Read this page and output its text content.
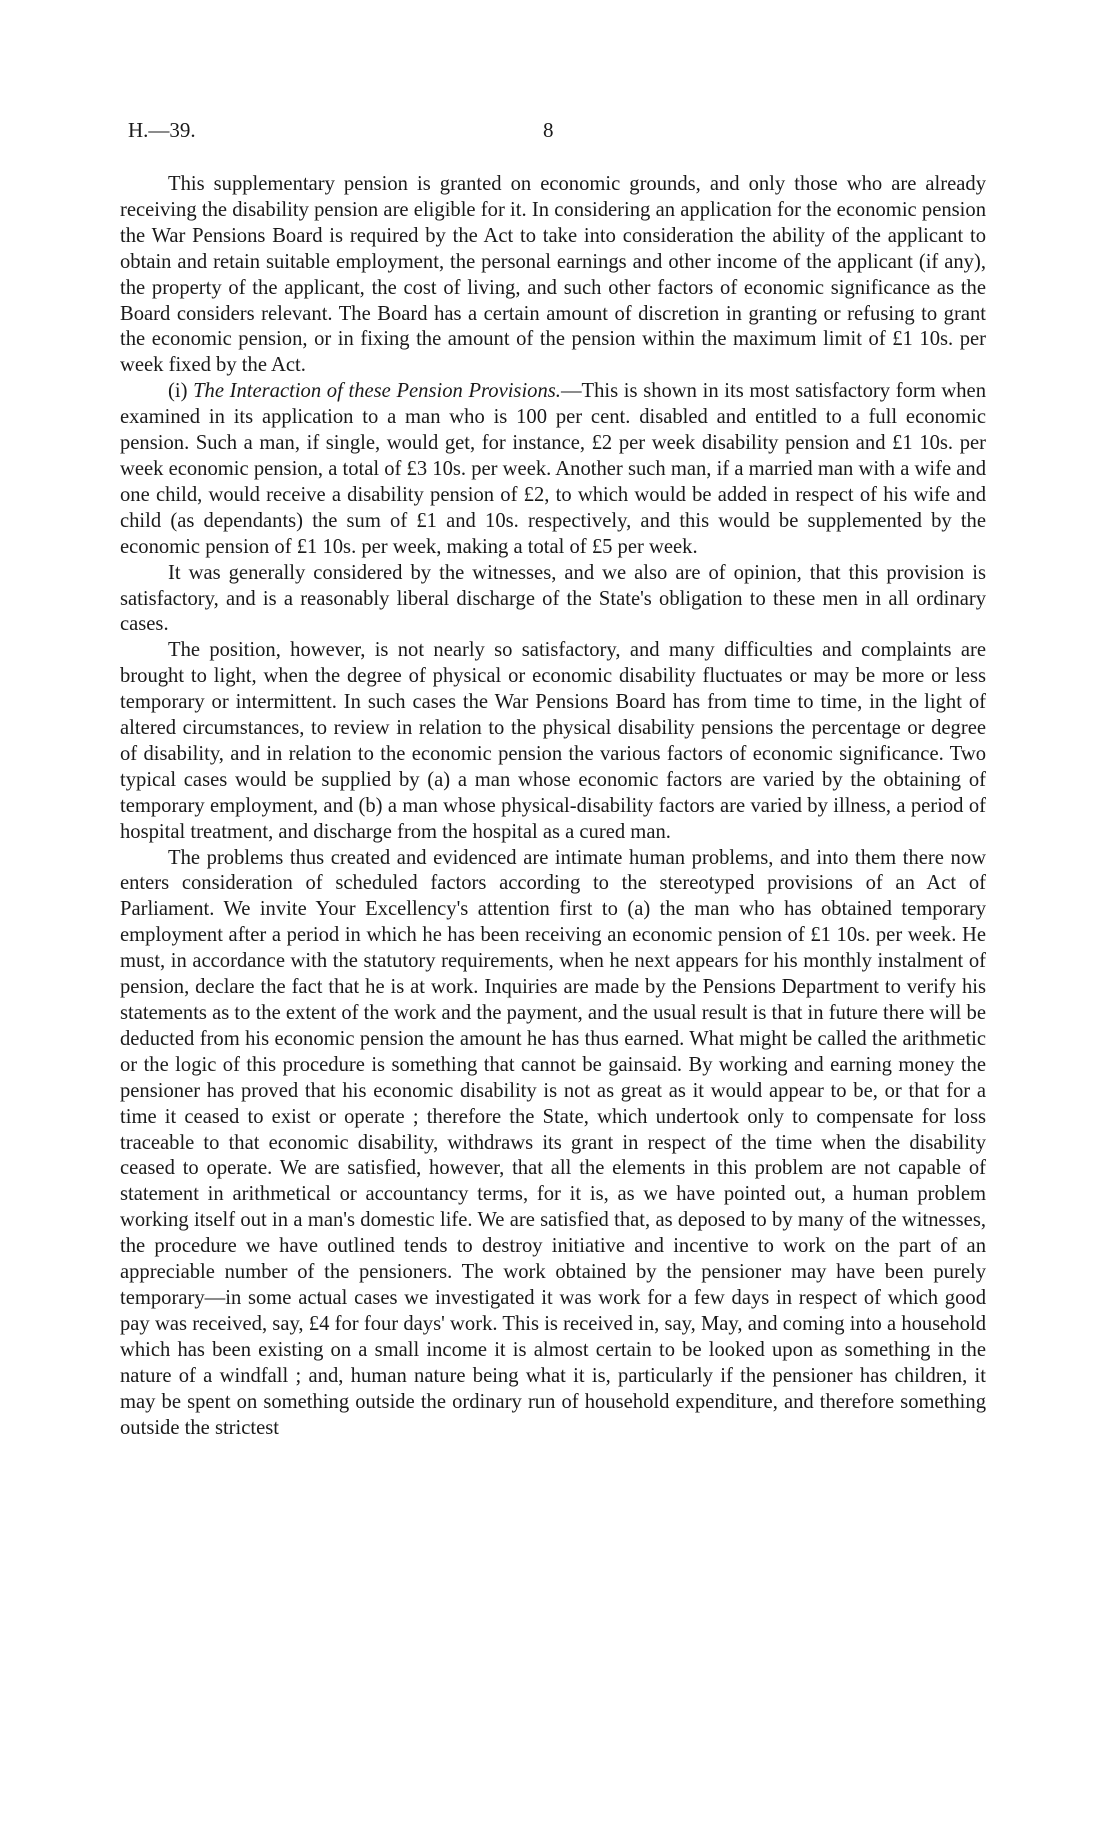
H.—39.	8

This supplementary pension is granted on economic grounds, and only those who are already receiving the disability pension are eligible for it. In considering an application for the economic pension the War Pensions Board is required by the Act to take into consideration the ability of the applicant to obtain and retain suitable employment, the personal earnings and other income of the applicant (if any), the property of the applicant, the cost of living, and such other factors of economic significance as the Board considers relevant. The Board has a certain amount of discretion in granting or refusing to grant the economic pension, or in fixing the amount of the pension within the maximum limit of £1 10s. per week fixed by the Act.

(i) The Interaction of these Pension Provisions.—This is shown in its most satisfactory form when examined in its application to a man who is 100 per cent. disabled and entitled to a full economic pension. Such a man, if single, would get, for instance, £2 per week disability pension and £1 10s. per week economic pension, a total of £3 10s. per week. Another such man, if a married man with a wife and one child, would receive a disability pension of £2, to which would be added in respect of his wife and child (as dependants) the sum of £1 and 10s. respectively, and this would be supplemented by the economic pension of £1 10s. per week, making a total of £5 per week.

It was generally considered by the witnesses, and we also are of opinion, that this provision is satisfactory, and is a reasonably liberal discharge of the State's obligation to these men in all ordinary cases.

The position, however, is not nearly so satisfactory, and many difficulties and complaints are brought to light, when the degree of physical or economic disability fluctuates or may be more or less temporary or intermittent. In such cases the War Pensions Board has from time to time, in the light of altered circumstances, to review in relation to the physical disability pensions the percentage or degree of disability, and in relation to the economic pension the various factors of economic significance. Two typical cases would be supplied by (a) a man whose economic factors are varied by the obtaining of temporary employment, and (b) a man whose physical-disability factors are varied by illness, a period of hospital treatment, and discharge from the hospital as a cured man.

The problems thus created and evidenced are intimate human problems, and into them there now enters consideration of scheduled factors according to the stereotyped provisions of an Act of Parliament. We invite Your Excellency's attention first to (a) the man who has obtained temporary employment after a period in which he has been receiving an economic pension of £1 10s. per week. He must, in accordance with the statutory requirements, when he next appears for his monthly instalment of pension, declare the fact that he is at work. Inquiries are made by the Pensions Department to verify his statements as to the extent of the work and the payment, and the usual result is that in future there will be deducted from his economic pension the amount he has thus earned. What might be called the arithmetic or the logic of this procedure is something that cannot be gainsaid. By working and earning money the pensioner has proved that his economic disability is not as great as it would appear to be, or that for a time it ceased to exist or operate ; therefore the State, which undertook only to compensate for loss traceable to that economic disability, withdraws its grant in respect of the time when the disability ceased to operate. We are satisfied, however, that all the elements in this problem are not capable of statement in arithmetical or accountancy terms, for it is, as we have pointed out, a human problem working itself out in a man's domestic life. We are satisfied that, as deposed to by many of the witnesses, the procedure we have outlined tends to destroy initiative and incentive to work on the part of an appreciable number of the pensioners. The work obtained by the pensioner may have been purely temporary—in some actual cases we investigated it was work for a few days in respect of which good pay was received, say, £4 for four days' work. This is received in, say, May, and coming into a household which has been existing on a small income it is almost certain to be looked upon as something in the nature of a windfall ; and, human nature being what it is, particularly if the pensioner has children, it may be spent on something outside the ordinary run of household expenditure, and therefore something outside the strictest
